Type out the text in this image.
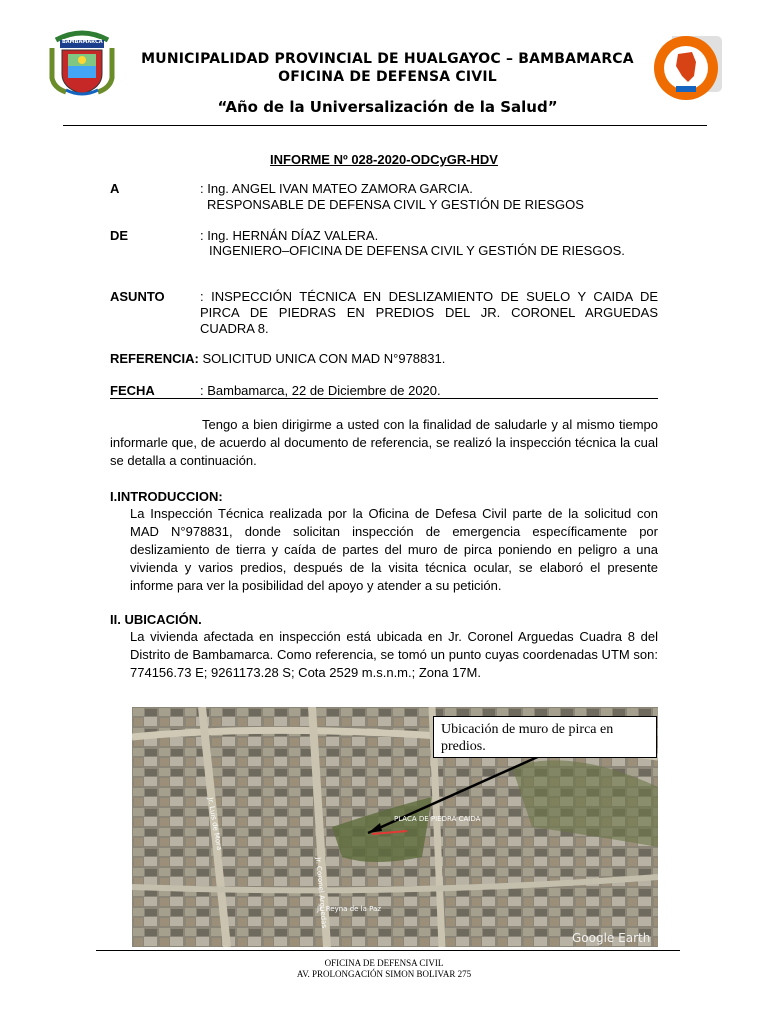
BAMBAMARCA
MUNICIPALIDAD PROVINCIAL DE HUALGAYOC – BAMBAMARCA
OFICINA DE DEFENSA CIVIL
“Año de la Universalización de la Salud”
INFORME Nº 028-2020-ODCyGR-HDV
A	: Ing. ANGEL IVAN MATEO ZAMORA GARCIA.
RESPONSABLE DE DEFENSA CIVIL Y GESTIÓN DE RIESGOS
DE	: Ing. HERNÁN DÍAZ VALERA.
INGENIERO–OFICINA DE DEFENSA CIVIL Y GESTIÓN DE RIESGOS.
ASUNTO	: INSPECCIÓN TÉCNICA EN DESLIZAMIENTO DE SUELO Y CAIDA DE PIRCA DE PIEDRAS EN PREDIOS DEL JR. CORONEL ARGUEDAS CUADRA 8.
REFERENCIA: SOLICITUD UNICA CON MAD N°978831.
FECHA	: Bambamarca, 22 de Diciembre de 2020.
Tengo a bien dirigirme a usted con la finalidad de saludarle y al mismo tiempo informarle que, de acuerdo al documento de referencia, se realizó la inspección técnica la cual se detalla a continuación.
I.INTRODUCCION:
La Inspección Técnica realizada por la Oficina de Defesa Civil parte de la solicitud con MAD N°978831, donde solicitan inspección de emergencia específicamente por deslizamiento de tierra y caída de partes del muro de pirca poniendo en peligro a una vivienda y varios predios, después de la visita técnica ocular, se elaboró el presente informe para ver la posibilidad del apoyo y atender a su petición.
II. UBICACIÓN.
La vivienda afectada en inspección está ubicada en Jr. Coronel Arguedas Cuadra 8 del Distrito de Bambamarca. Como referencia, se tomó un punto cuyas coordenadas UTM son: 774156.73 E; 9261173.28 S; Cota 2529 m.s.n.m.; Zona 17M.
PLACA DE PIEDRA CAIDA
Jr. Luis de Mora
Jr. Coronel Arguedas
Jr. Reyna de la Paz
Google Earth
Ubicación de muro de pirca en predios.
OFICINA DE DEFENSA CIVIL
AV. PROLONGACIÓN SIMON BOLIVAR 275
